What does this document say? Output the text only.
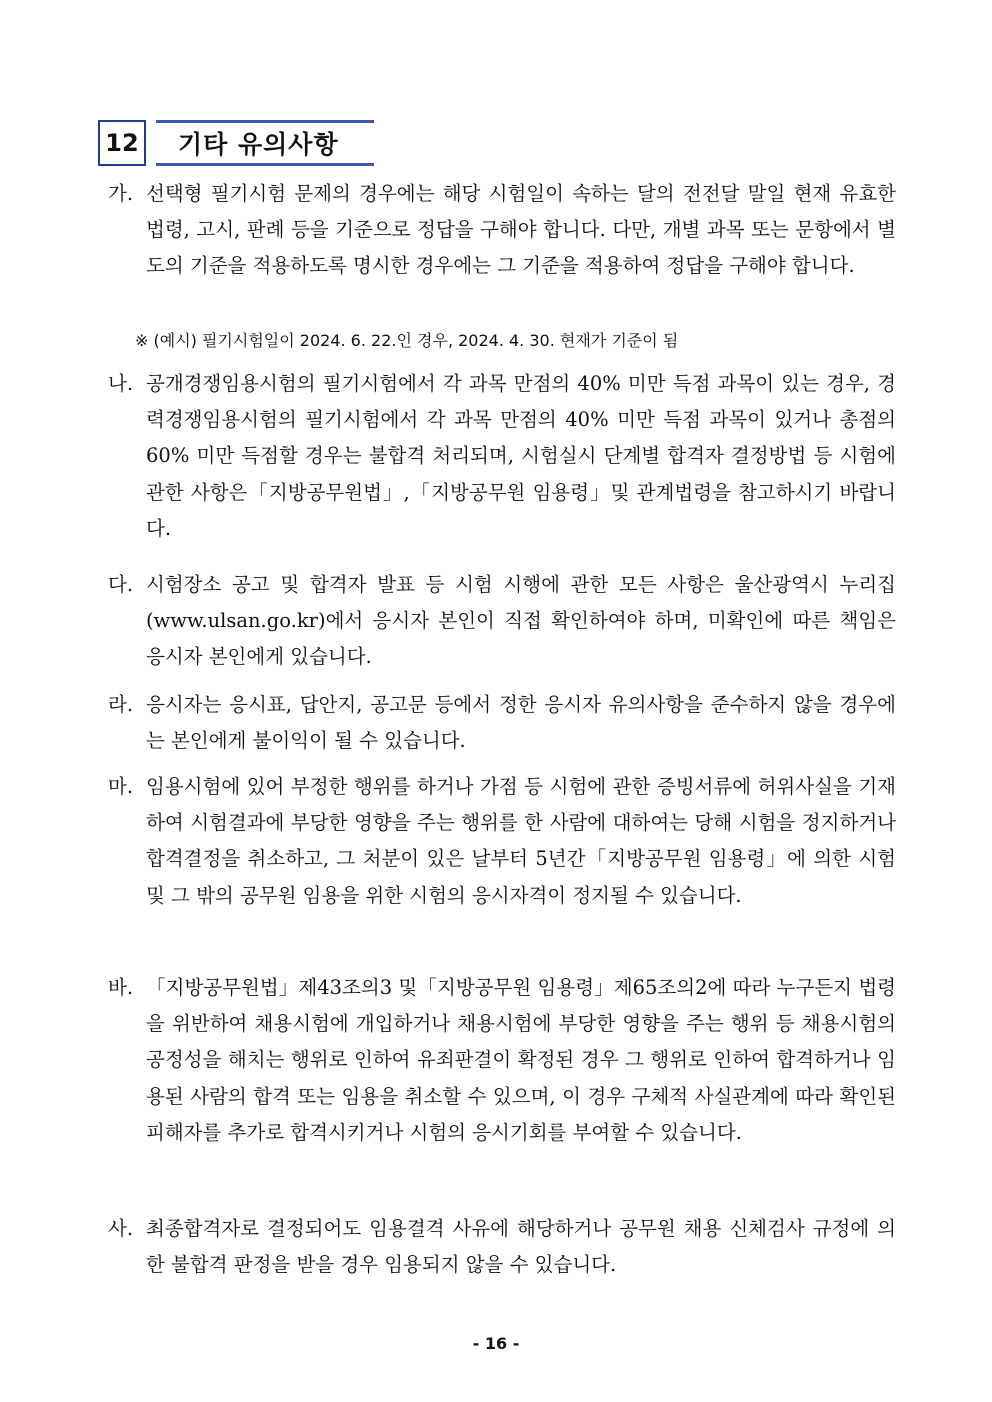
12	기타 유의사항
가. 선택형 필기시험 문제의 경우에는 해당 시험일이 속하는 달의 전전달 말일 현재 유효한 법령, 고시, 판례 등을 기준으로 정답을 구해야 합니다. 다만, 개별 과목 또는 문항에서 별도의 기준을 적용하도록 명시한 경우에는 그 기준을 적용하여 정답을 구해야 합니다.
※ (예시) 필기시험일이 2024. 6. 22.인 경우, 2024. 4. 30. 현재가 기준이 됨
나. 공개경쟁임용시험의 필기시험에서 각 과목 만점의 40% 미만 득점 과목이 있는 경우, 경력경쟁임용시험의 필기시험에서 각 과목 만점의 40% 미만 득점 과목이 있거나 총점의 60% 미만 득점할 경우는 불합격 처리되며, 시험실시 단계별 합격자 결정방법 등 시험에 관한 사항은「지방공무원법」,「지방공무원 임용령」및 관계법령을 참고하시기 바랍니다.
다. 시험장소 공고 및 합격자 발표 등 시험 시행에 관한 모든 사항은 울산광역시 누리집(www.ulsan.go.kr)에서 응시자 본인이 직접 확인하여야 하며, 미확인에 따른 책임은 응시자 본인에게 있습니다.
라. 응시자는 응시표, 답안지, 공고문 등에서 정한 응시자 유의사항을 준수하지 않을 경우에는 본인에게 불이익이 될 수 있습니다.
마. 임용시험에 있어 부정한 행위를 하거나 가점 등 시험에 관한 증빙서류에 허위사실을 기재하여 시험결과에 부당한 영향을 주는 행위를 한 사람에 대하여는 당해 시험을 정지하거나 합격결정을 취소하고, 그 처분이 있은 날부터 5년간「지방공무원 임용령」에 의한 시험 및 그 밖의 공무원 임용을 위한 시험의 응시자격이 정지될 수 있습니다.
바. 「지방공무원법」제43조의3 및「지방공무원 임용령」제65조의2에 따라 누구든지 법령을 위반하여 채용시험에 개입하거나 채용시험에 부당한 영향을 주는 행위 등 채용시험의 공정성을 해치는 행위로 인하여 유죄판결이 확정된 경우 그 행위로 인하여 합격하거나 임용된 사람의 합격 또는 임용을 취소할 수 있으며, 이 경우 구체적 사실관계에 따라 확인된 피해자를 추가로 합격시키거나 시험의 응시기회를 부여할 수 있습니다.
사. 최종합격자로 결정되어도 임용결격 사유에 해당하거나 공무원 채용 신체검사 규정에 의한 불합격 판정을 받을 경우 임용되지 않을 수 있습니다.
- 16 -
